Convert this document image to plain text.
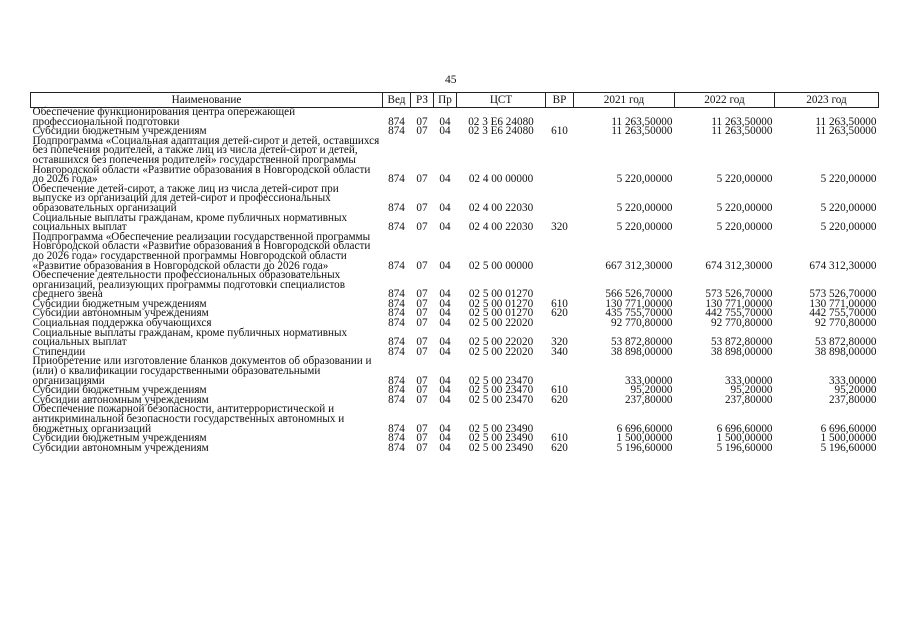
45
Наименование	Вед	РЗ	Пр	ЦСТ	ВР	2021 год	2022 год	2023 год
Обеспечение функционирования центра опережающей профессиональной подготовки	874	07	04	02 3 E6 24080		11 263,50000	11 263,50000	11 263,50000
Субсидии бюджетным учреждениям	874	07	04	02 3 E6 24080	610	11 263,50000	11 263,50000	11 263,50000
Подпрограмма «Социальная адаптация детей-сирот и детей, оставшихся без попечения родителей, а также лиц из числа детей-сирот и детей, оставшихся без попечения родителей» государственной программы Новгородской области «Развитие образования в Новгородской области до 2026 года»	874	07	04	02 4 00 00000		5 220,00000	5 220,00000	5 220,00000
Обеспечение детей-сирот, а также лиц из числа детей-сирот при выпуске из организаций для детей-сирот и профессиональных образовательных организаций	874	07	04	02 4 00 22030		5 220,00000	5 220,00000	5 220,00000
Социальные выплаты гражданам, кроме публичных нормативных социальных выплат	874	07	04	02 4 00 22030	320	5 220,00000	5 220,00000	5 220,00000
Подпрограмма «Обеспечение реализации государственной программы Новгородской области «Развитие образования в Новгородской области до 2026 года» государственной программы Новгородской области «Развитие образования в Новгородской области до 2026 года»	874	07	04	02 5 00 00000		667 312,30000	674 312,30000	674 312,30000
Обеспечение деятельности профессиональных образовательных организаций, реализующих программы подготовки специалистов среднего звена	874	07	04	02 5 00 01270		566 526,70000	573 526,70000	573 526,70000
Субсидии бюджетным учреждениям	874	07	04	02 5 00 01270	610	130 771,00000	130 771,00000	130 771,00000
Субсидии автономным учреждениям	874	07	04	02 5 00 01270	620	435 755,70000	442 755,70000	442 755,70000
Социальная поддержка обучающихся	874	07	04	02 5 00 22020		92 770,80000	92 770,80000	92 770,80000
Социальные выплаты гражданам, кроме публичных нормативных социальных выплат	874	07	04	02 5 00 22020	320	53 872,80000	53 872,80000	53 872,80000
Стипендии	874	07	04	02 5 00 22020	340	38 898,00000	38 898,00000	38 898,00000
Приобретение или изготовление бланков документов об образовании и (или) о квалификации государственными образовательными организациями	874	07	04	02 5 00 23470		333,00000	333,00000	333,00000
Субсидии бюджетным учреждениям	874	07	04	02 5 00 23470	610	95,20000	95,20000	95,20000
Субсидии автономным учреждениям	874	07	04	02 5 00 23470	620	237,80000	237,80000	237,80000
Обеспечение пожарной безопасности, антитеррористической и антикриминальной безопасности государственных автономных и бюджетных организаций	874	07	04	02 5 00 23490		6 696,60000	6 696,60000	6 696,60000
Субсидии бюджетным учреждениям	874	07	04	02 5 00 23490	610	1 500,00000	1 500,00000	1 500,00000
Субсидии автономным учреждениям	874	07	04	02 5 00 23490	620	5 196,60000	5 196,60000	5 196,60000
